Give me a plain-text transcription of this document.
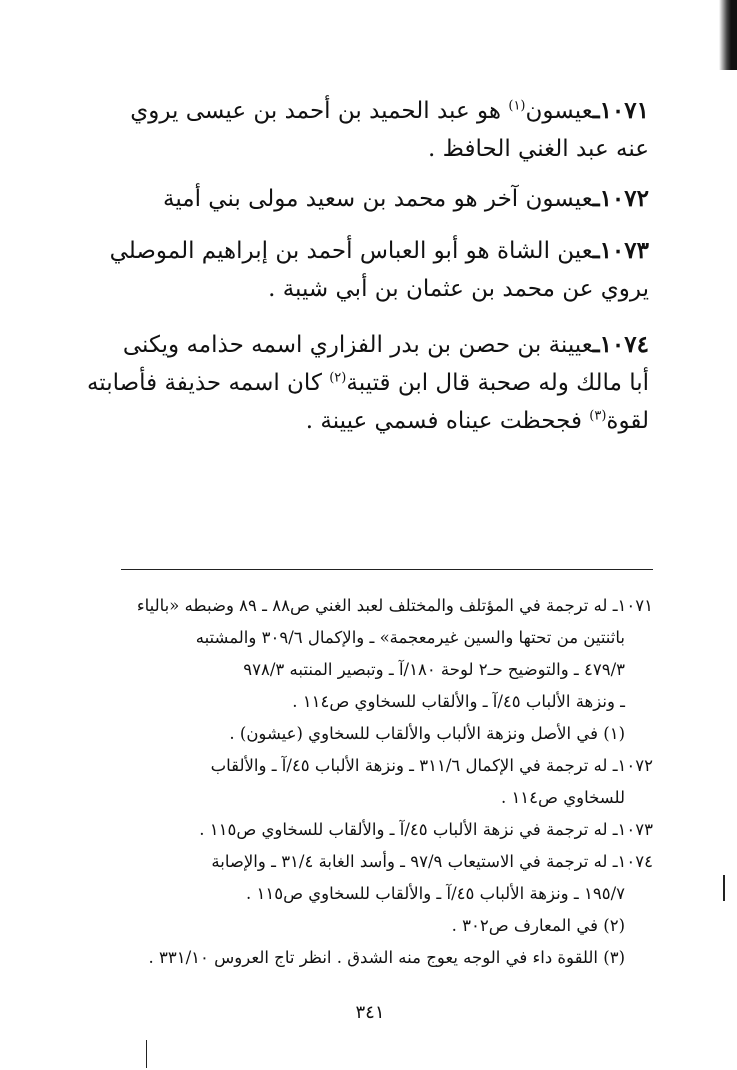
١٠٧١ـعيسون$^{(١)}$ هو عبد الحميد بن أحمد بن عيسى يروي
عنه عبد الغني الحافظ .
١٠٧٢ـعيسون آخر هو محمد بن سعيد مولى بني أمية
١٠٧٣ـعين الشاة هو أبو العباس أحمد بن إبراهيم الموصلي
يروي عن محمد بن عثمان بن أبي شيبة .
١٠٧٤ـعيينة بن حصن بن بدر الفزاري اسمه حذامه ويكنى
أبا مالك وله صحبة قال ابن قتيبة$^{(٢)}$ كان اسمه حذيفة فأصابته
لقوة$^{(٣)}$ فجحظت عيناه فسمي عيينة .
١٠٧١ـ له ترجمة في المؤتلف والمختلف لعبد الغني ص٨٨ ـ ٨٩ وضبطه «بالياء
باثنتين من تحتها والسين غيرمعجمة» ـ والإكمال ٣٠٩/٦ والمشتبه
٤٧٩/٣ ـ والتوضيح حـ٢ لوحة ١٨٠/آ ـ وتبصير المنتبه ٩٧٨/٣
ـ ونزهة الألباب ٤٥/آ ـ والألقاب للسخاوي ص١١٤ .
(١) في الأصل ونزهة الألباب والألقاب للسخاوي (عيشون) .
١٠٧٢ـ له ترجمة في الإكمال ٣١١/٦ ـ ونزهة الألباب ٤٥/آ ـ والألقاب
للسخاوي ص١١٤ .
١٠٧٣ـ له ترجمة في نزهة الألباب ٤٥/آ ـ والألقاب للسخاوي ص١١٥ .
١٠٧٤ـ له ترجمة في الاستيعاب ٩٧/٩ ـ وأسد الغابة ٣١/٤ ـ والإصابة
١٩٥/٧ ـ ونزهة الألباب ٤٥/آ ـ والألقاب للسخاوي ص١١٥ .
(٢) في المعارف ص٣٠٢ .
(٣) اللقوة داء في الوجه يعوج منه الشدق . انظر تاج العروس ٣٣١/١٠ .
٣٤١
